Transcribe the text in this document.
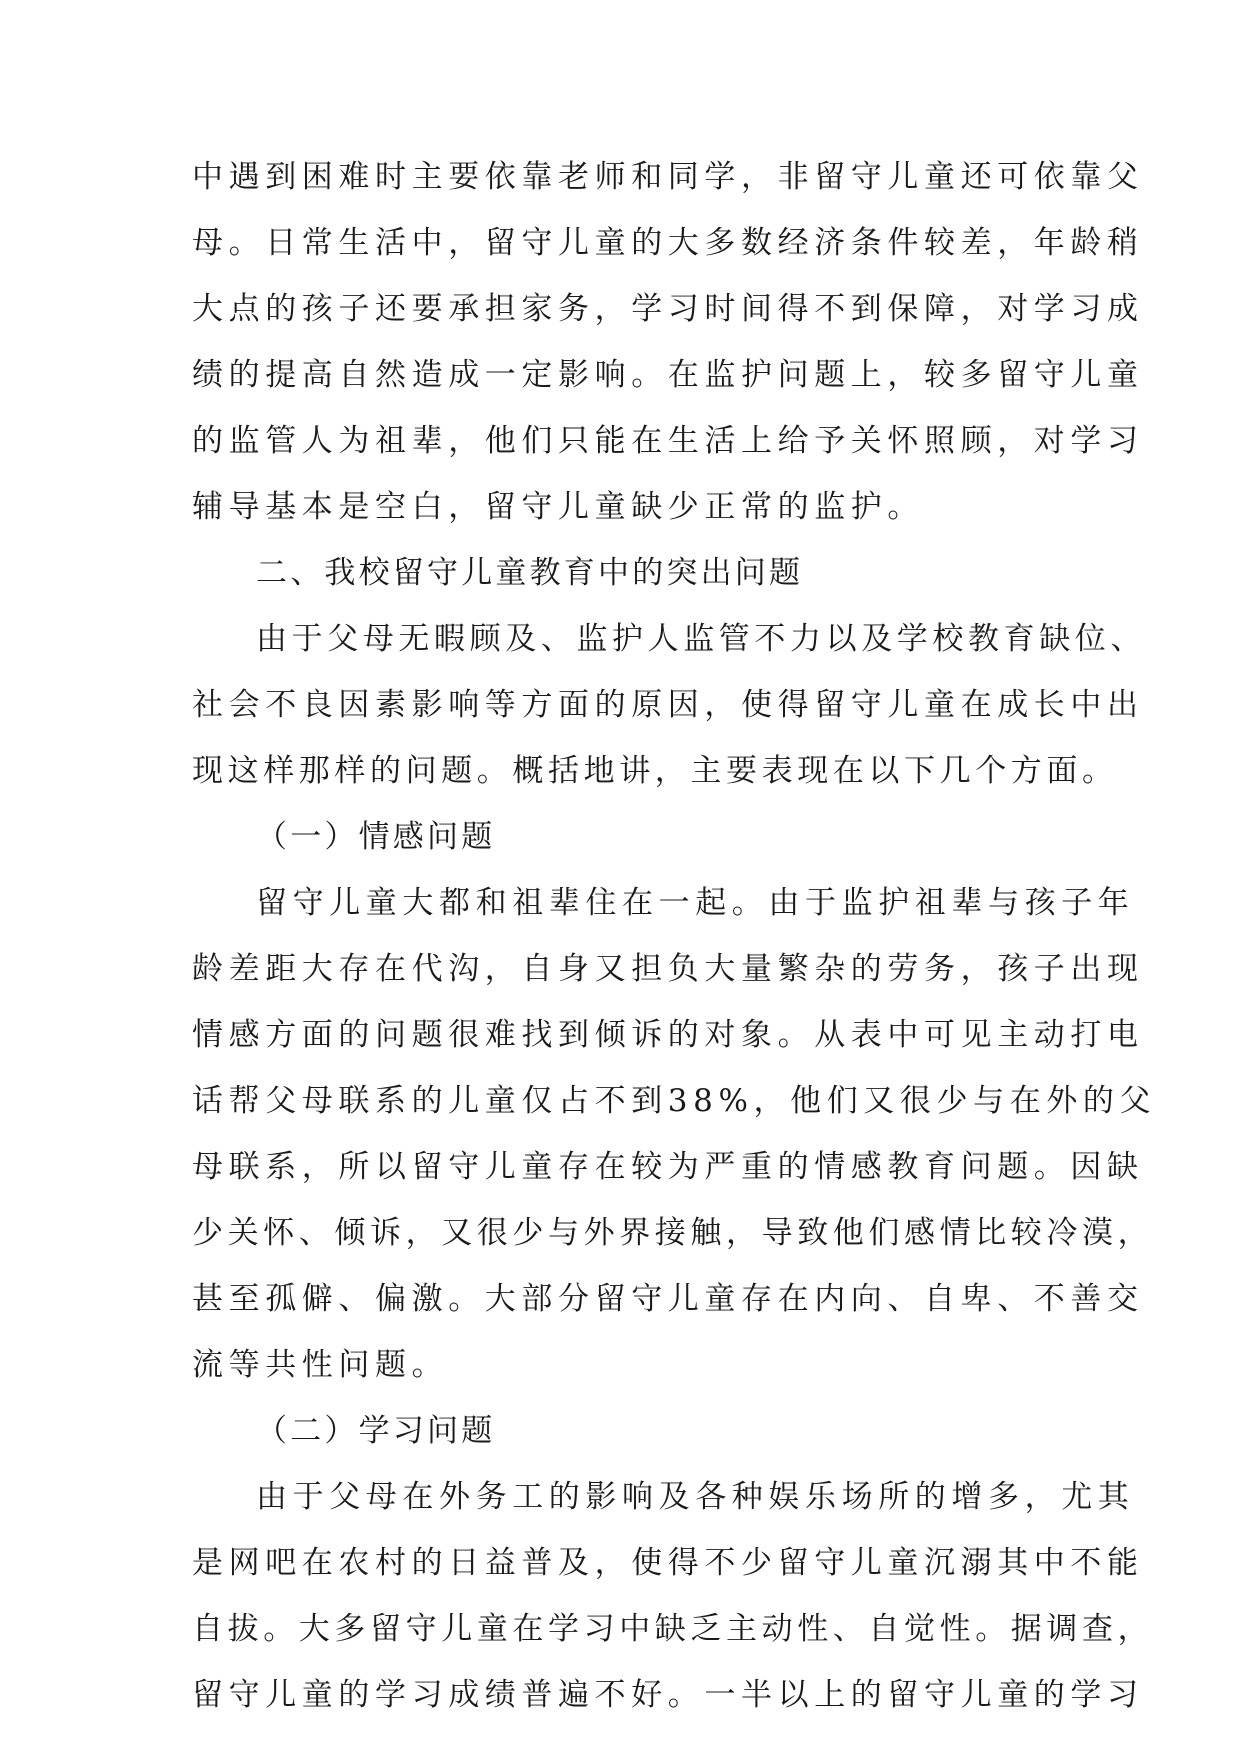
中遇到困难时主要依靠老师和同学，非留守儿童还可依靠父
母。日常生活中，留守儿童的大多数经济条件较差，年龄稍
大点的孩子还要承担家务，学习时间得不到保障，对学习成
绩的提高自然造成一定影响。在监护问题上，较多留守儿童
的监管人为祖辈，他们只能在生活上给予关怀照顾，对学习
辅导基本是空白，留守儿童缺少正常的监护。
二、我校留守儿童教育中的突出问题
由于父母无暇顾及、监护人监管不力以及学校教育缺位、
社会不良因素影响等方面的原因，使得留守儿童在成长中出
现这样那样的问题。概括地讲，主要表现在以下几个方面。
（一）情感问题
留守儿童大都和祖辈住在一起。由于监护祖辈与孩子年
龄差距大存在代沟，自身又担负大量繁杂的劳务，孩子出现
情感方面的问题很难找到倾诉的对象。从表中可见主动打电
话帮父母联系的儿童仅占不到38%，他们又很少与在外的父
母联系，所以留守儿童存在较为严重的情感教育问题。因缺
少关怀、倾诉，又很少与外界接触，导致他们感情比较冷漠，
甚至孤僻、偏激。大部分留守儿童存在内向、自卑、不善交
流等共性问题。
（二）学习问题
由于父母在外务工的影响及各种娱乐场所的增多，尤其
是网吧在农村的日益普及，使得不少留守儿童沉溺其中不能
自拔。大多留守儿童在学习中缺乏主动性、自觉性。据调查，
留守儿童的学习成绩普遍不好。一半以上的留守儿童的学习
